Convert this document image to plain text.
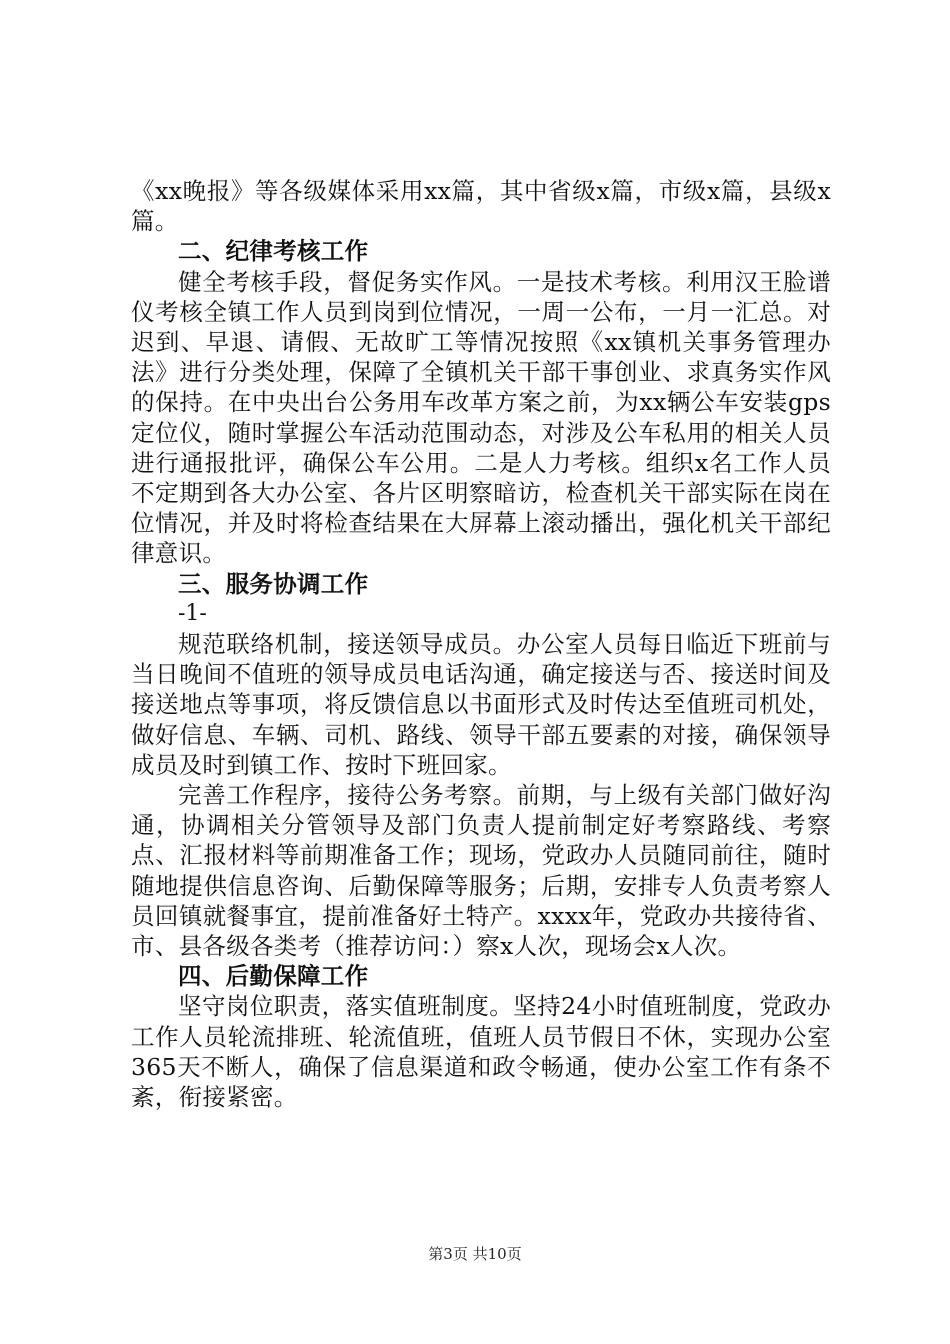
《xx晚报》等各级媒体采用xx篇，其中省级x篇，市级x篇，县级x篇。

二、纪律考核工作

健全考核手段，督促务实作风。一是技术考核。利用汉王脸谱仪考核全镇工作人员到岗到位情况，一周一公布，一月一汇总。对迟到、早退、请假、无故旷工等情况按照《xx镇机关事务管理办法》进行分类处理，保障了全镇机关干部干事创业、求真务实作风的保持。在中央出台公务用车改革方案之前，为xx辆公车安装gps定位仪，随时掌握公车活动范围动态，对涉及公车私用的相关人员进行通报批评，确保公车公用。二是人力考核。组织x名工作人员不定期到各大办公室、各片区明察暗访，检查机关干部实际在岗在位情况，并及时将检查结果在大屏幕上滚动播出，强化机关干部纪律意识。

三、服务协调工作

-1-

规范联络机制，接送领导成员。办公室人员每日临近下班前与当日晚间不值班的领导成员电话沟通，确定接送与否、接送时间及接送地点等事项，将反馈信息以书面形式及时传达至值班司机处，做好信息、车辆、司机、路线、领导干部五要素的对接，确保领导成员及时到镇工作、按时下班回家。

完善工作程序，接待公务考察。前期，与上级有关部门做好沟通，协调相关分管领导及部门负责人提前制定好考察路线、考察点、汇报材料等前期准备工作；现场，党政办人员随同前往，随时随地提供信息咨询、后勤保障等服务；后期，安排专人负责考察人员回镇就餐事宜，提前准备好土特产。xxxx年，党政办共接待省、市、县各级各类考（推荐访问：）察x人次，现场会x人次。

四、后勤保障工作

坚守岗位职责，落实值班制度。坚持24小时值班制度，党政办工作人员轮流排班、轮流值班，值班人员节假日不休，实现办公室365天不断人，确保了信息渠道和政令畅通，使办公室工作有条不紊，衔接紧密。

第3页 共10页
